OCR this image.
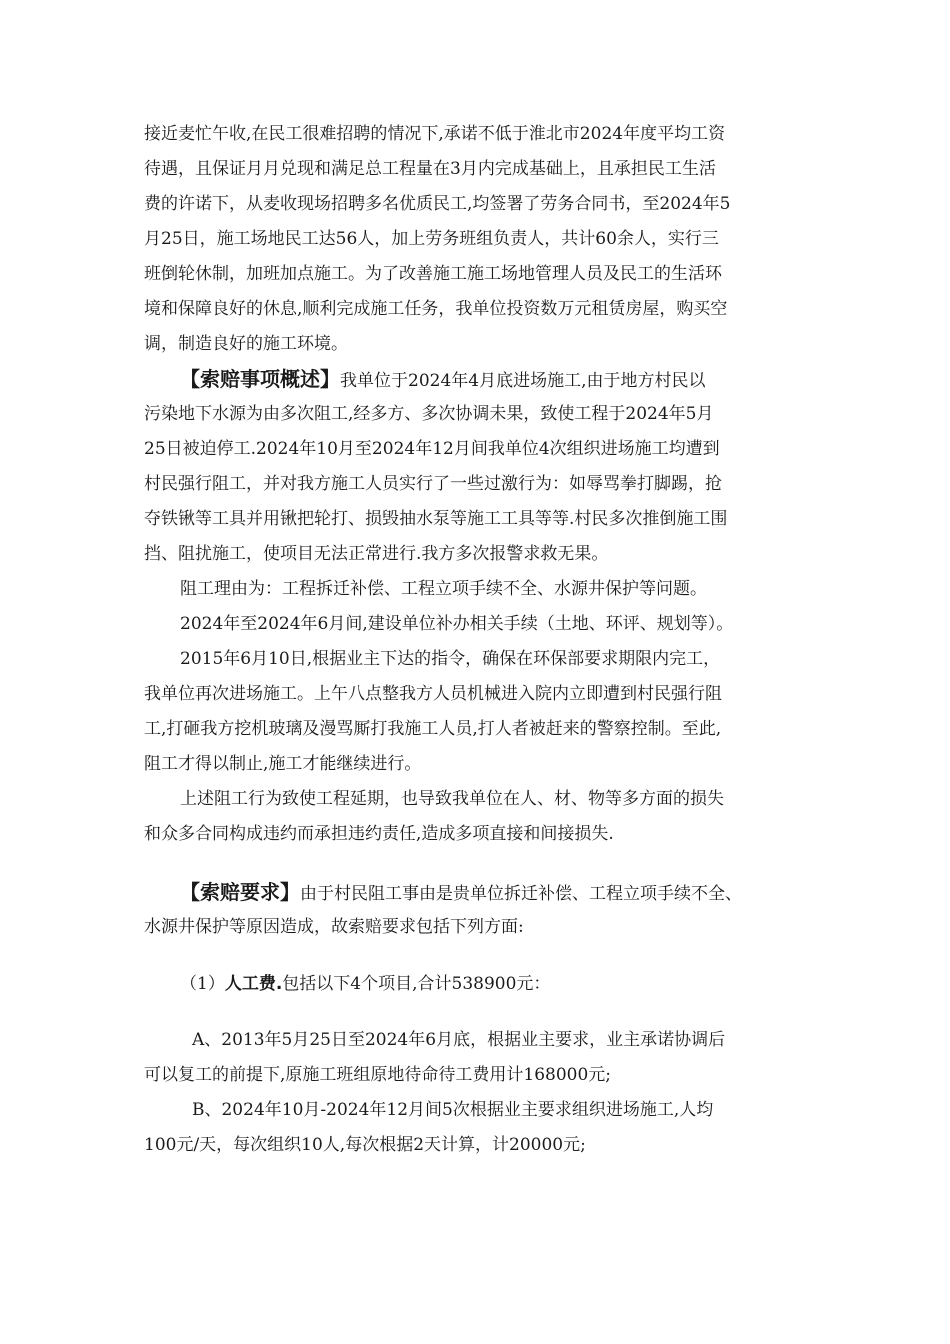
接近麦忙午收,在民工很难招聘的情况下,承诺不低于淮北市2024年度平均工资
待遇，且保证月月兑现和满足总工程量在3月内完成基础上，且承担民工生活
费的许诺下，从麦收现场招聘多名优质民工,均签署了劳务合同书，至2024年5
月25日，施工场地民工达56人，加上劳务班组负责人，共计60余人，实行三
班倒轮休制，加班加点施工。为了改善施工施工场地管理人员及民工的生活环
境和保障良好的休息,顺利完成施工任务，我单位投资数万元租赁房屋，购买空
调，制造良好的施工环境。
【索赔事项概述】我单位于2024年4月底进场施工,由于地方村民以
污染地下水源为由多次阻工,经多方、多次协调未果，致使工程于2024年5月
25日被迫停工.2024年10月至2024年12月间我单位4次组织进场施工均遭到
村民强行阻工，并对我方施工人员实行了一些过激行为：如辱骂拳打脚踢，抢
夺铁锹等工具并用锹把轮打、损毁抽水泵等施工工具等等.村民多次推倒施工围
挡、阻扰施工，使项目无法正常进行.我方多次报警求救无果。
阻工理由为：工程拆迁补偿、工程立项手续不全、水源井保护等问题。
2024年至2024年6月间,建设单位补办相关手续（土地、环评、规划等）。
2015年6月10日,根据业主下达的指令，确保在环保部要求期限内完工，
我单位再次进场施工。上午八点整我方人员机械进入院内立即遭到村民强行阻
工,打砸我方挖机玻璃及漫骂厮打我施工人员,打人者被赶来的警察控制。至此,
阻工才得以制止,施工才能继续进行。
上述阻工行为致使工程延期，也导致我单位在人、材、物等多方面的损失
和众多合同构成违约而承担违约责任,造成多项直接和间接损失.
【索赔要求】由于村民阻工事由是贵单位拆迁补偿、工程立项手续不全、
水源井保护等原因造成，故索赔要求包括下列方面:
（1）人工费.包括以下4个项目,合计538900元：
A、2013年5月25日至2024年6月底，根据业主要求，业主承诺协调后
可以复工的前提下,原施工班组原地待命待工费用计168000元;
B、2024年10月-2024年12月间5次根据业主要求组织进场施工,人均
100元/天，每次组织10人,每次根据2天计算，计20000元;
